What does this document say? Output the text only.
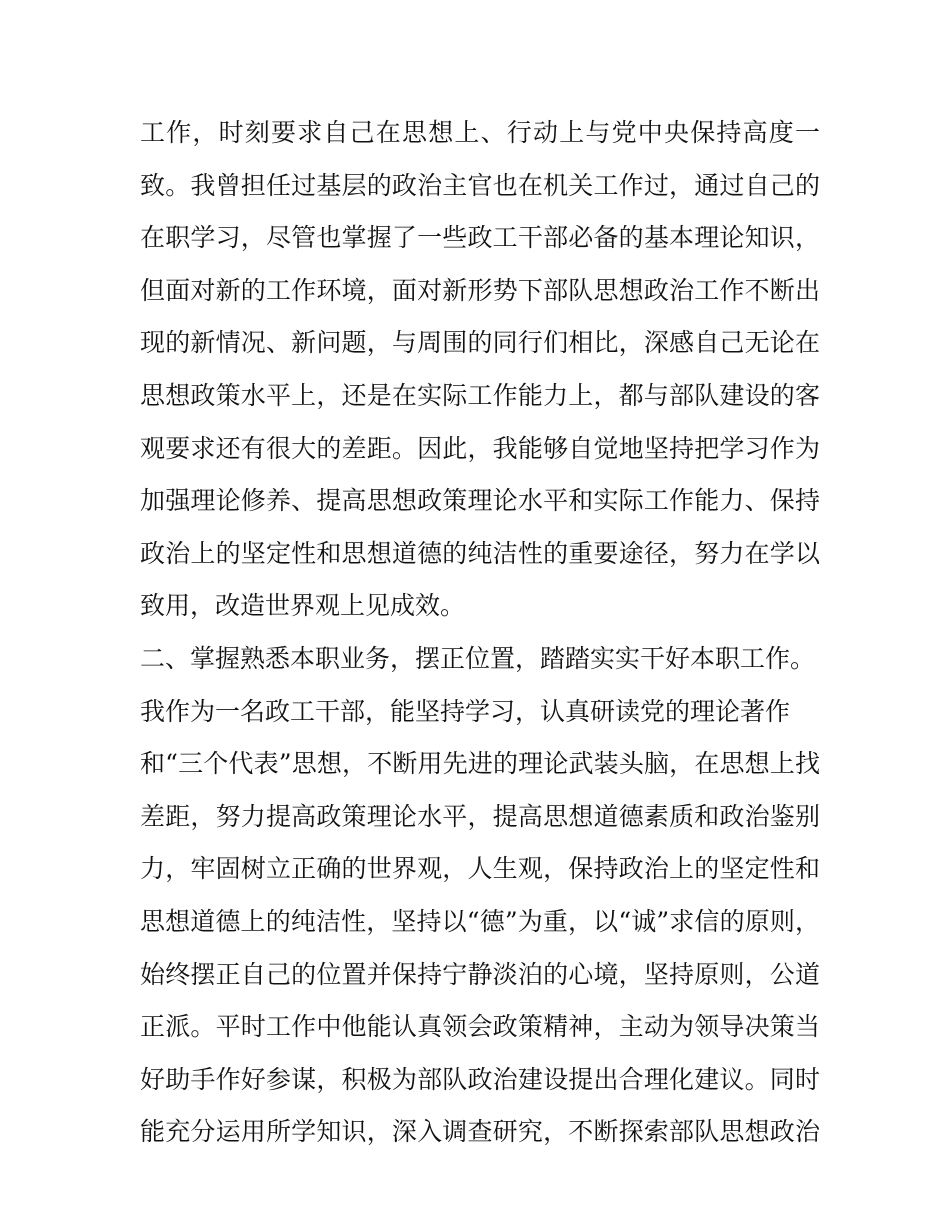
工作，时刻要求自己在思想上、行动上与党中央保持高度一
致。我曾担任过基层的政治主官也在机关工作过，通过自己的
在职学习，尽管也掌握了一些政工干部必备的基本理论知识，
但面对新的工作环境，面对新形势下部队思想政治工作不断出
现的新情况、新问题，与周围的同行们相比，深感自己无论在
思想政策水平上，还是在实际工作能力上，都与部队建设的客
观要求还有很大的差距。因此，我能够自觉地坚持把学习作为
加强理论修养、提高思想政策理论水平和实际工作能力、保持
政治上的坚定性和思想道德的纯洁性的重要途径，努力在学以
致用，改造世界观上见成效。
二、掌握熟悉本职业务，摆正位置，踏踏实实干好本职工作。
我作为一名政工干部，能坚持学习，认真研读党的理论著作
和“三个代表”思想，不断用先进的理论武装头脑，在思想上找
差距，努力提高政策理论水平，提高思想道德素质和政治鉴别
力，牢固树立正确的世界观，人生观，保持政治上的坚定性和
思想道德上的纯洁性，坚持以“德”为重，以“诚”求信的原则，
始终摆正自己的位置并保持宁静淡泊的心境，坚持原则，公道
正派。平时工作中他能认真领会政策精神，主动为领导决策当
好助手作好参谋，积极为部队政治建设提出合理化建议。同时
能充分运用所学知识，深入调查研究，不断探索部队思想政治
